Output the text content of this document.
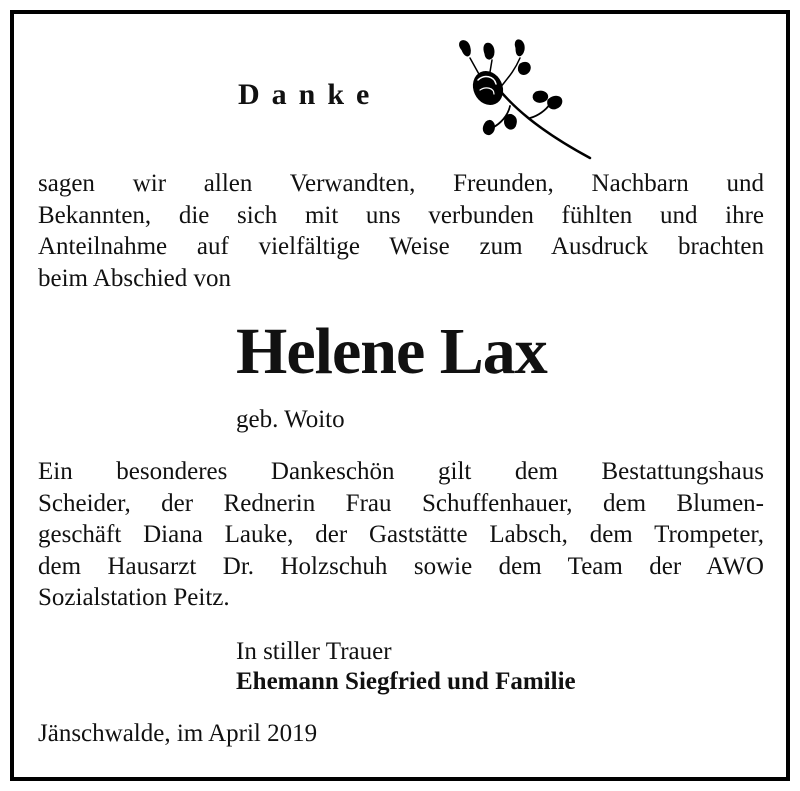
Danke
sagen wir allen Verwandten, Freunden, Nachbarn und
Bekannten, die sich mit uns verbunden fühlten und ihre
Anteilnahme auf vielfältige Weise zum Ausdruck brachten
beim Abschied von
Helene Lax
geb. Woito
Ein besonderes Dankeschön gilt dem Bestattungshaus
Scheider, der Rednerin Frau Schuffenhauer, dem Blumen-
geschäft Diana Lauke, der Gaststätte Labsch, dem Trompeter,
dem Hausarzt Dr. Holzschuh sowie dem Team der AWO
Sozialstation Peitz.
In stiller Trauer
Ehemann Siegfried und Familie
Jänschwalde, im April 2019
